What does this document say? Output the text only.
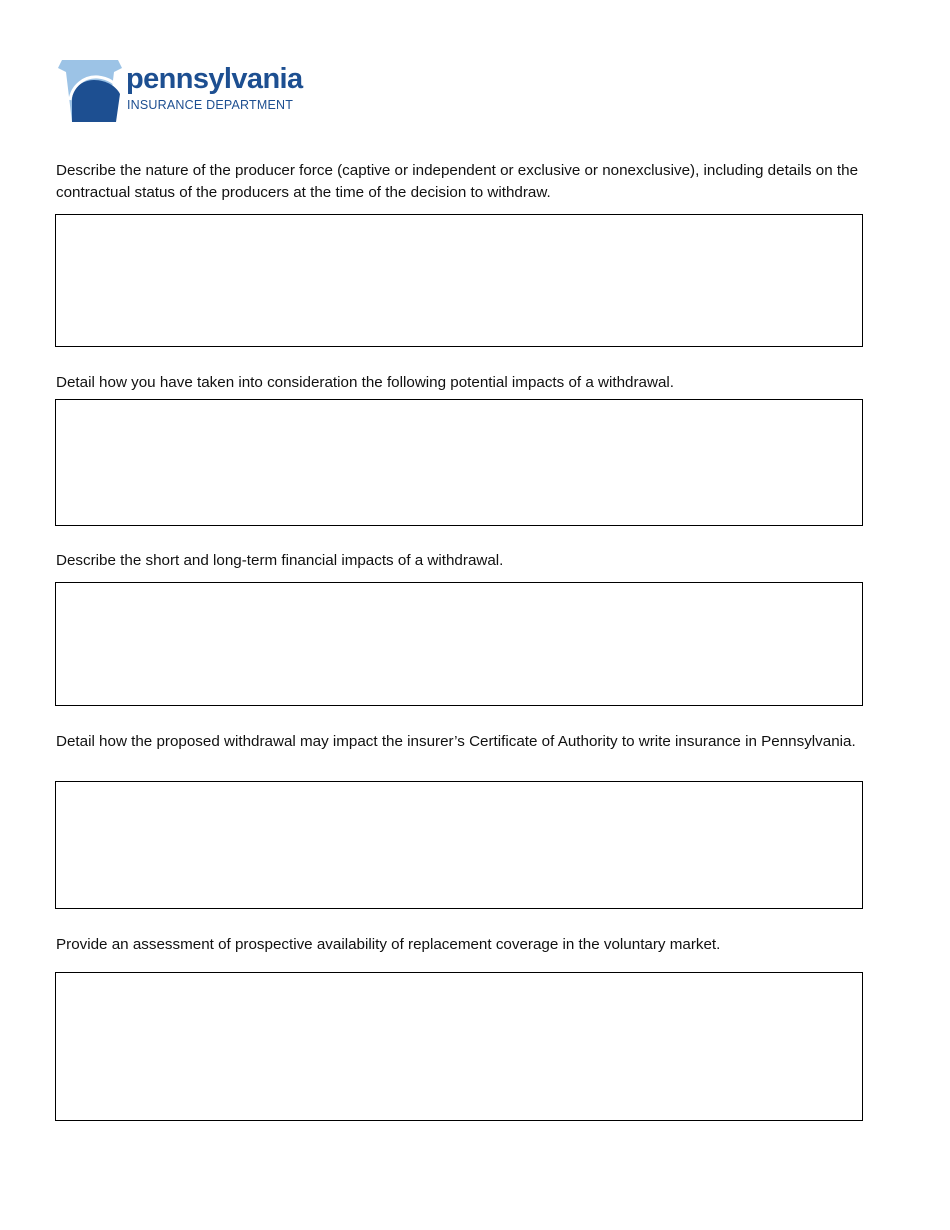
pennsylvania
INSURANCE DEPARTMENT

Describe the nature of the producer force (captive or independent or exclusive or nonexclusive), including details on the contractual status of the producers at the time of the decision to withdraw.

Detail how you have taken into consideration the following potential impacts of a withdrawal.

Describe the short and long-term financial impacts of a withdrawal.

Detail how the proposed withdrawal may impact the insurer’s Certificate of Authority to write insurance in Pennsylvania.

Provide an assessment of prospective availability of replacement coverage in the voluntary market.
